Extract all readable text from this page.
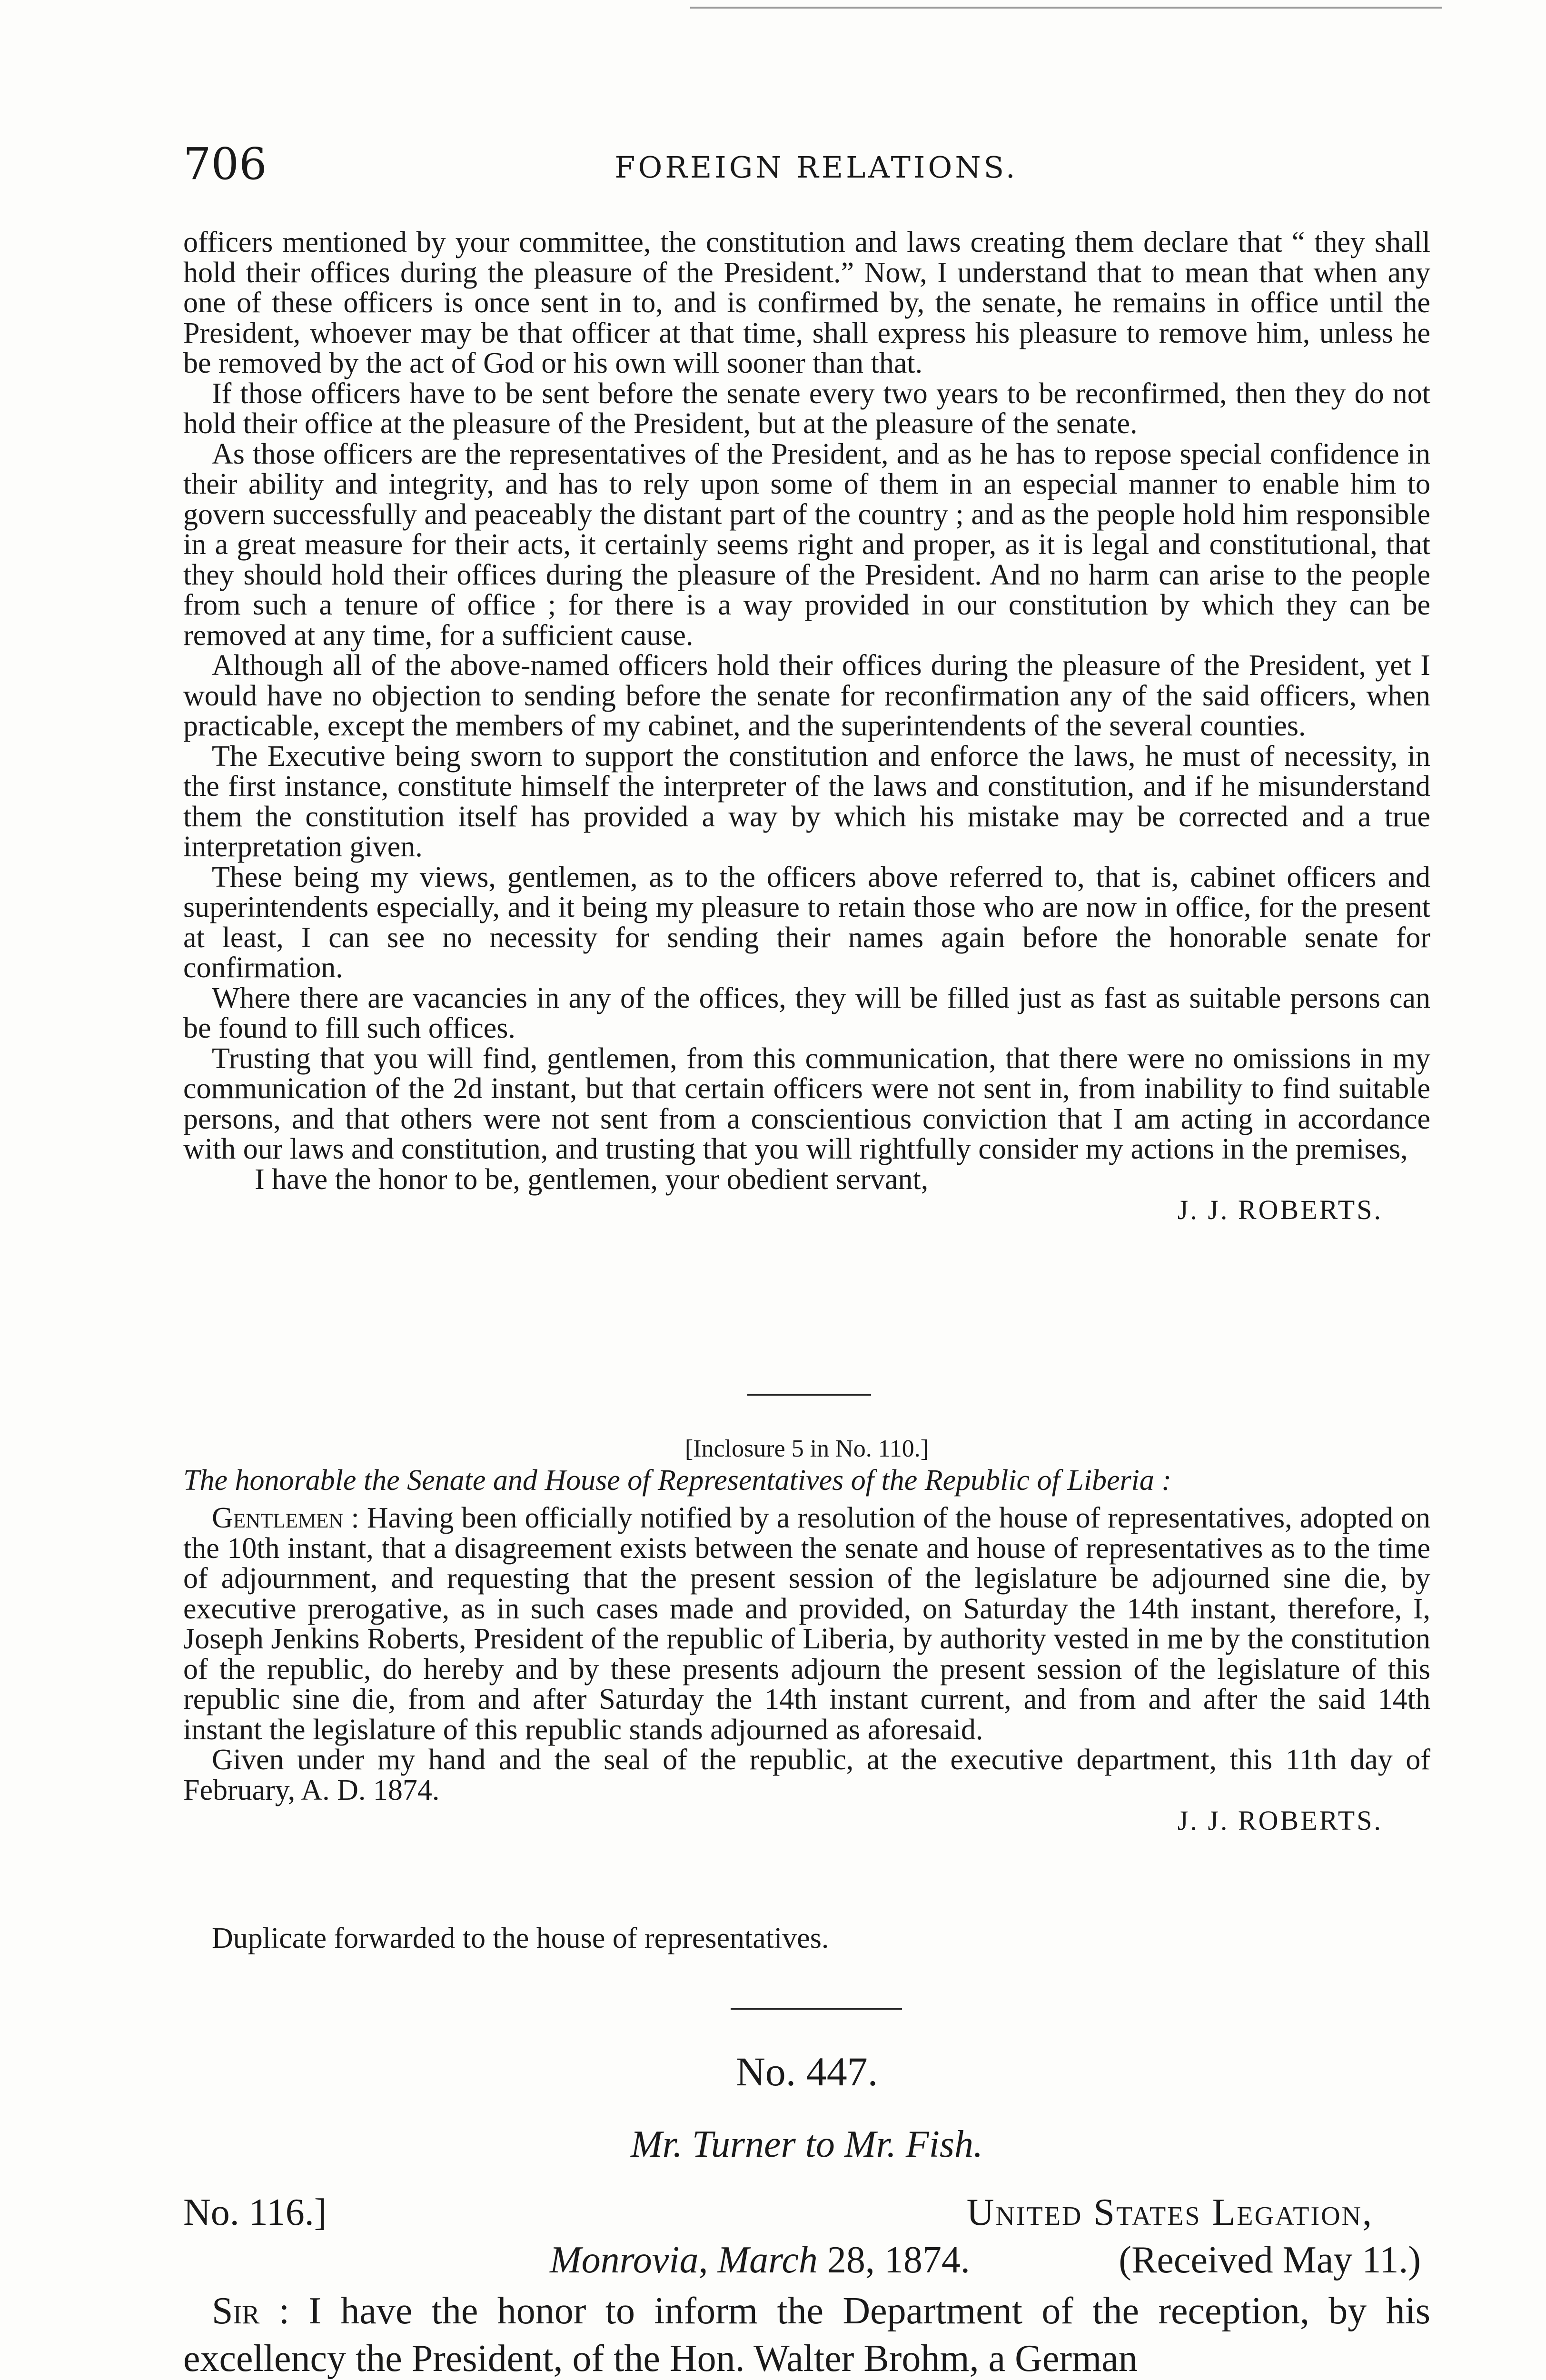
706	FOREIGN RELATIONS.

officers mentioned by your committee, the constitution and laws creating them declare that “ they shall hold their offices during the pleasure of the President.” Now, I understand that to mean that when any one of these officers is once sent in to, and is confirmed by, the senate, he remains in office until the President, whoever may be that officer at that time, shall express his pleasure to remove him, unless he be removed by the act of God or his own will sooner than that.

If those officers have to be sent before the senate every two years to be reconfirmed, then they do not hold their office at the pleasure of the President, but at the pleasure of the senate.

As those officers are the representatives of the President, and as he has to repose special confidence in their ability and integrity, and has to rely upon some of them in an especial manner to enable him to govern successfully and peaceably the distant part of the country ; and as the people hold him responsible in a great measure for their acts, it certainly seems right and proper, as it is legal and constitutional, that they should hold their offices during the pleasure of the President. And no harm can arise to the people from such a tenure of office ; for there is a way provided in our constitution by which they can be removed at any time, for a sufficient cause.

Although all of the above-named officers hold their offices during the pleasure of the President, yet I would have no objection to sending before the senate for reconfirmation any of the said officers, when practicable, except the members of my cabinet, and the superintendents of the several counties.

The Executive being sworn to support the constitution and enforce the laws, he must of necessity, in the first instance, constitute himself the interpreter of the laws and constitution, and if he misunderstand them the constitution itself has provided a way by which his mistake may be corrected and a true interpretation given.

These being my views, gentlemen, as to the officers above referred to, that is, cabinet officers and superintendents especially, and it being my pleasure to retain those who are now in office, for the present at least, I can see no necessity for sending their names again before the honorable senate for confirmation.

Where there are vacancies in any of the offices, they will be filled just as fast as suitable persons can be found to fill such offices.

Trusting that you will find, gentlemen, from this communication, that there were no omissions in my communication of the 2d instant, but that certain officers were not sent in, from inability to find suitable persons, and that others were not sent from a conscientious conviction that I am acting in accordance with our laws and constitution, and trusting that you will rightfully consider my actions in the premises,

I have the honor to be, gentlemen, your obedient servant,

J. J. ROBERTS.

[Inclosure 5 in No. 110.]
The honorable the Senate and House of Representatives of the Republic of Liberia :

Gentlemen : Having been officially notified by a resolution of the house of representatives, adopted on the 10th instant, that a disagreement exists between the senate and house of representatives as to the time of adjournment, and requesting that the present session of the legislature be adjourned sine die, by executive prerogative, as in such cases made and provided, on Saturday the 14th instant, therefore, I, Joseph Jenkins Roberts, President of the republic of Liberia, by authority vested in me by the constitution of the republic, do hereby and by these presents adjourn the present session of the legislature of this republic sine die, from and after Saturday the 14th instant current, and from and after the said 14th instant the legislature of this republic stands adjourned as aforesaid.

Given under my hand and the seal of the republic, at the executive department, this 11th day of February, A. D. 1874.

J. J. ROBERTS.

Duplicate forwarded to the house of representatives.
No. 447.
Mr. Turner to Mr. Fish.
No. 116.]	United States Legation,
Monrovia, March 28, 1874.	(Received May 11.)

Sir : I have the honor to inform the Department of the reception, by his excellency the President, of the Hon. Walter Brohm, a German
